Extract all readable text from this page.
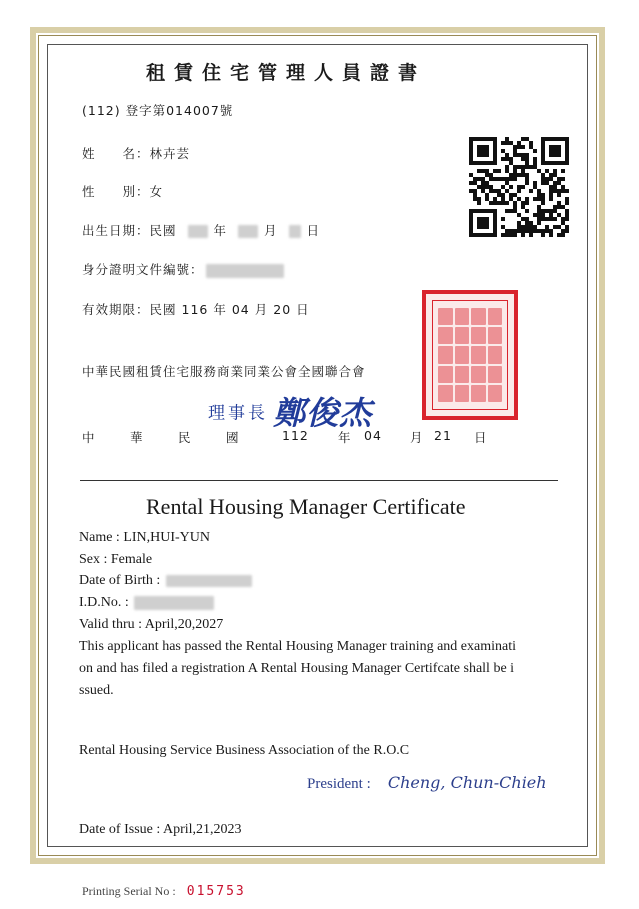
租賃住宅管理人員證書
(112) 登字第014007號
姓　　名：林卉芸
性　　別：女
出生日期：民國	年	月 日
身分證明文件編號：
有效期限：民國 116 年 04 月 20 日
中華民國租賃住宅服務商業同業公會全國聯合會
理事長 鄭俊杰
中	華	民	國	112 年 04 月 21 日
Rental Housing Manager Certificate
Name : LIN,HUI-YUN
Sex : Female
Date of Birth :
I.D.No. :
Valid thru : April,20,2027
This applicant has passed the Rental Housing Manager training and examinati
on and has filed a registration A Rental Housing Manager Certifcate shall be i
ssued.
Rental Housing Service Business Association of the R.O.C
President : Cheng, Chun-Chieh
Date of Issue : April,21,2023
Printing Serial No : 015753
